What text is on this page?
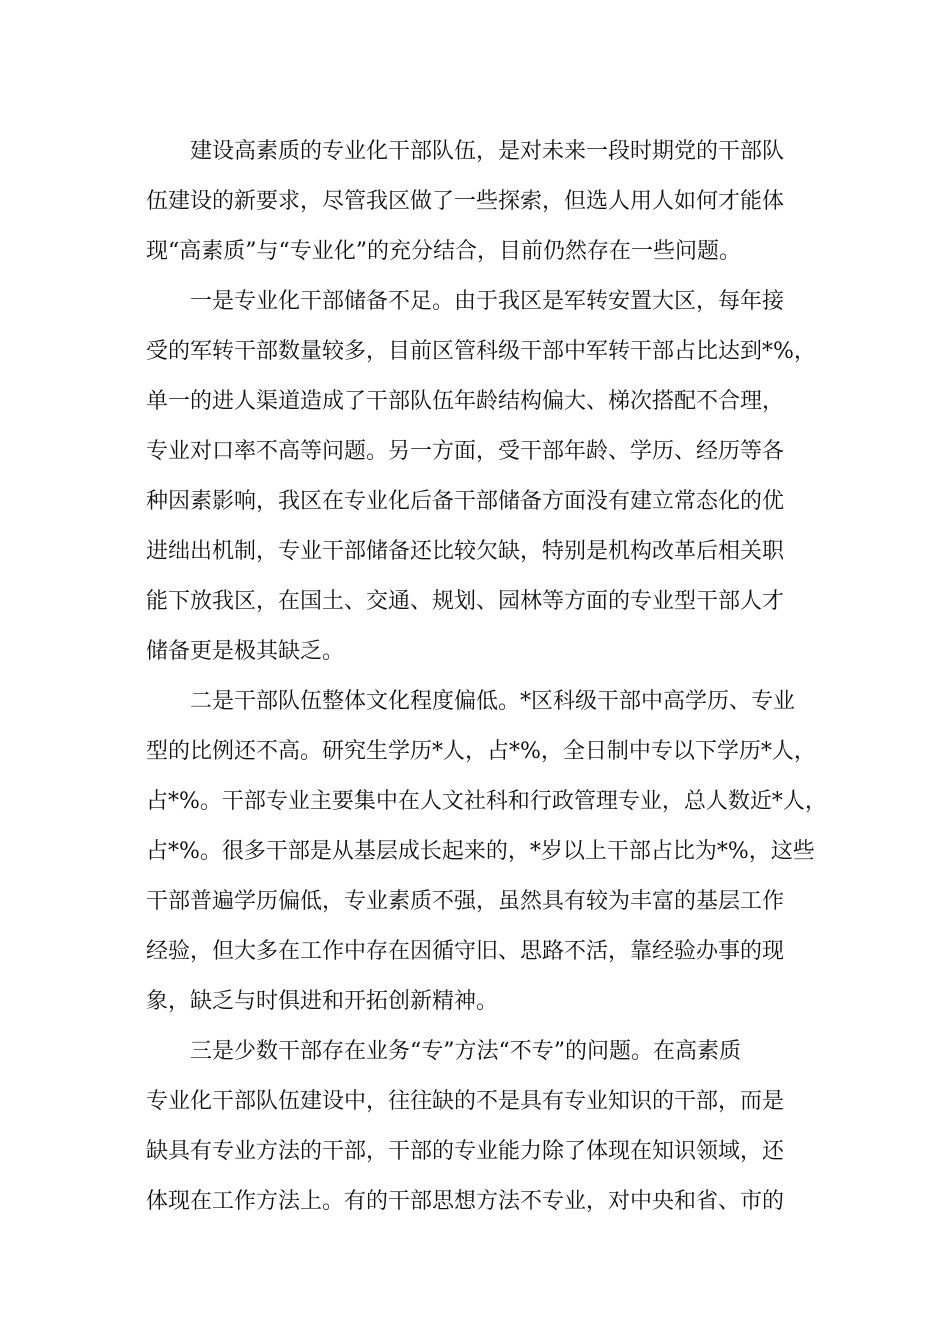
建设高素质的专业化干部队伍，是对未来一段时期党的干部队
伍建设的新要求，尽管我区做了一些探索，但选人用人如何才能体
现“高素质”与“专业化”的充分结合，目前仍然存在一些问题。
一是专业化干部储备不足。由于我区是军转安置大区，每年接
受的军转干部数量较多，目前区管科级干部中军转干部占比达到*%，
单一的进人渠道造成了干部队伍年龄结构偏大、梯次搭配不合理，
专业对口率不高等问题。另一方面，受干部年龄、学历、经历等各
种因素影响，我区在专业化后备干部储备方面没有建立常态化的优
进绌出机制，专业干部储备还比较欠缺，特别是机构改革后相关职
能下放我区，在国土、交通、规划、园林等方面的专业型干部人才
储备更是极其缺乏。
二是干部队伍整体文化程度偏低。*区科级干部中高学历、专业
型的比例还不高。研究生学历*人，占*%，全日制中专以下学历*人，
占*%。干部专业主要集中在人文社科和行政管理专业，总人数近*人，
占*%。很多干部是从基层成长起来的，*岁以上干部占比为*%，这些
干部普遍学历偏低，专业素质不强，虽然具有较为丰富的基层工作
经验，但大多在工作中存在因循守旧、思路不活，靠经验办事的现
象，缺乏与时俱进和开拓创新精神。
三是少数干部存在业务“专”方法“不专”的问题。在高素质
专业化干部队伍建设中，往往缺的不是具有专业知识的干部，而是
缺具有专业方法的干部，干部的专业能力除了体现在知识领域，还
体现在工作方法上。有的干部思想方法不专业，对中央和省、市的
